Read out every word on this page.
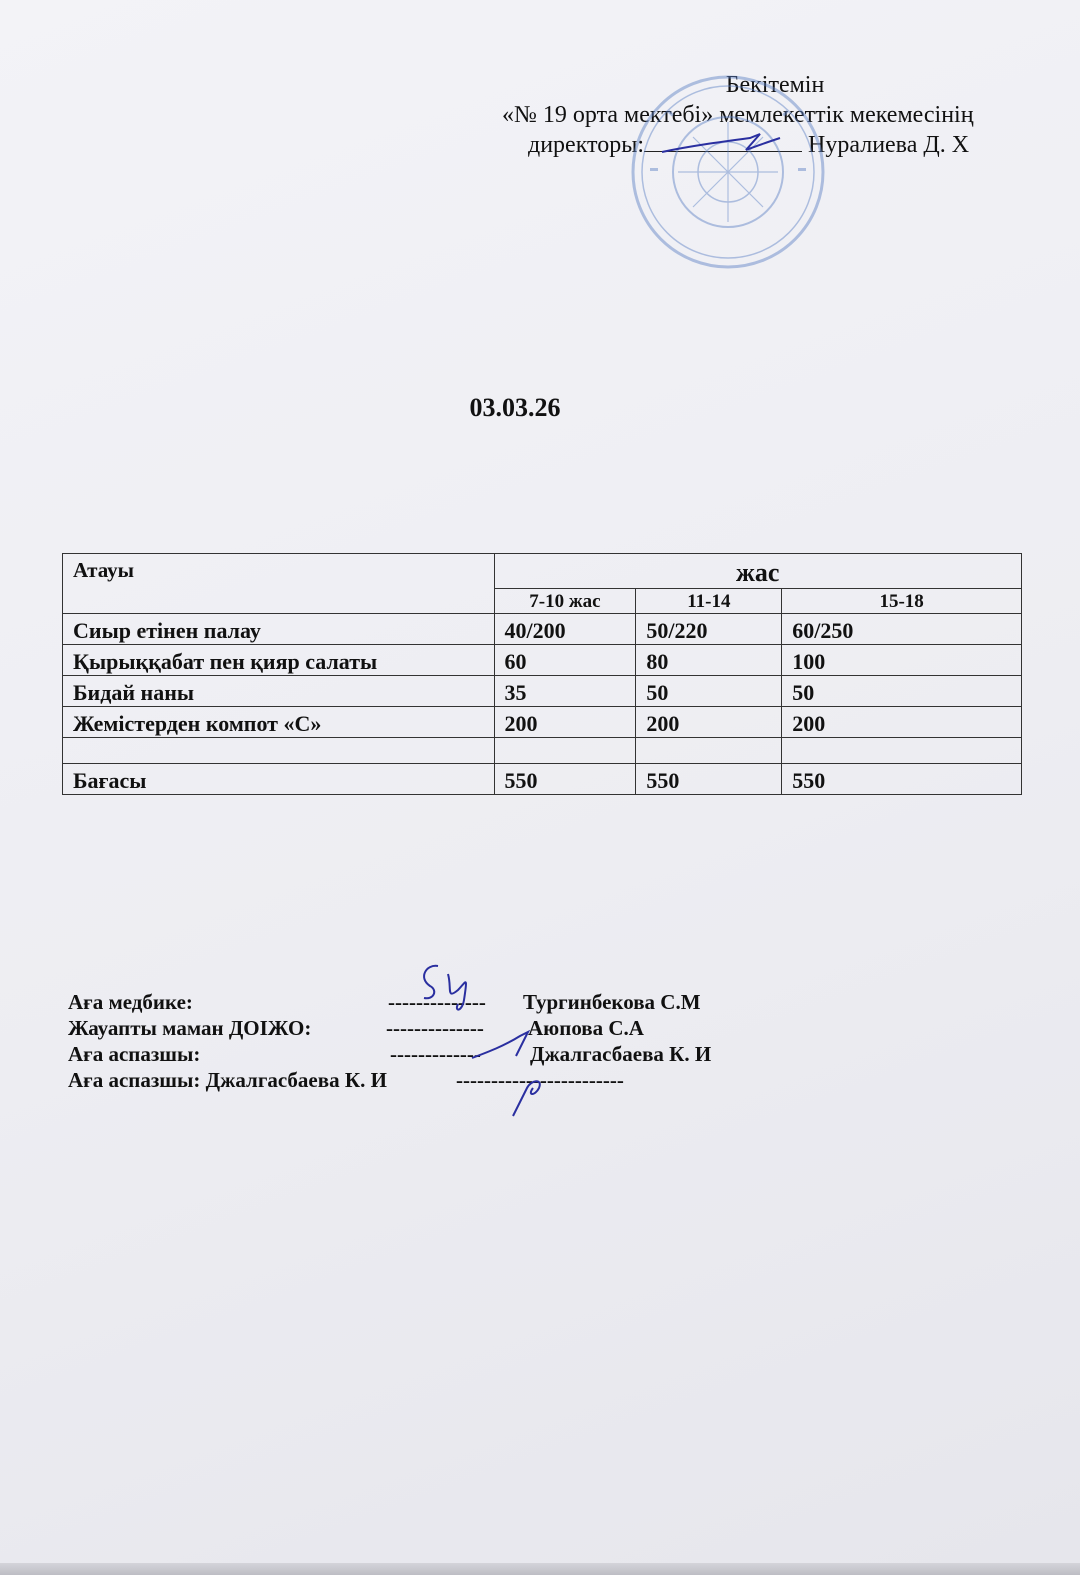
Бекітемін
«№ 19 орта мектебі» мемлекеттік мекемесінің
директоры:	Нуралиева Д. Х
03.03.26
Атауы	жас		
	7-10 жас	11-14	15-18
Сиыр етінен палау	40/200	50/220	60/250
Қырыққабат пен қияр салаты	60	80	100
Бидай наны	35	50	50
Жемістерден компот «С»	200	200	200

Бағасы	550	550	550
Аға медбике:	-------------- Тургинбекова С.М
Жауапты маман ДОІЖО:	-------------- Аюпова С.А
Аға аспазшы:	------------- Джалгасбаева К. И
Аға аспазшы: Джалгасбаева К. И	------------------------
